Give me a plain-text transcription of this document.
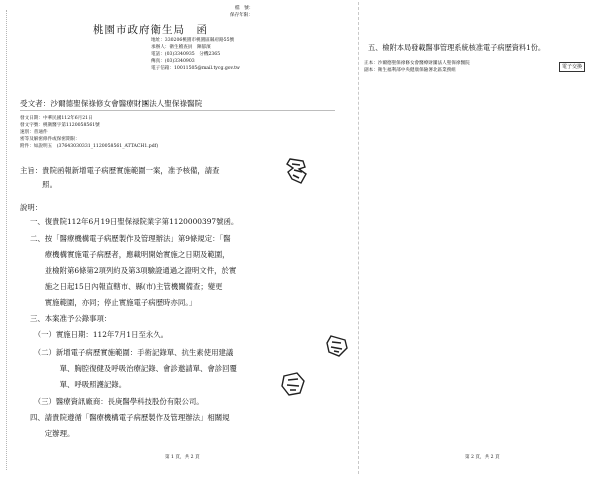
檔　號：
保存年限：
桃園市政府衛生局　函
地址：330206桃園市桃園區縣府路55號
承辦人：衛生稽查員　陳郁濱
電話：(03)3340935　分機2365
傳真：(03)3340903
電子信箱：10011505@mail.tycg.gov.tw
受文者：沙爾德聖保祿修女會醫療財團法人聖保祿醫院
發文日期：中華民國112年6月21日
發文字號：桃衛醫字第1120058561號
速別：普通件
密等及解密條件或保密期限：
附件：如說明五　(37643030331_1120058561_ATTACH1.pdf)
主旨：貴院函報新增電子病歷實施範圍一案，准予核備，請查
　　　照。
說明：
一、復貴院112年6月19日聖保禄院業字第1120000397號函。
二、按「醫療機構電子病歷製作及管理辦法」第9條規定：「醫
　　療機構實施電子病歷者，應載明開始實施之日期及範圍，
　　並檢附第6條第2項列約及第3項驗證通過之證明文件，於實
　　施之日起15日內報直轄市、縣(市)主管機關備查；變更
　　實施範圍，亦同；停止實施電子病歷時亦同。」
三、本案准予公錄事項：
　（一）實施日期：112年7月1日至永久。
　（二）新增電子病歷實施範圍：手術記錄單、抗生素使用建議
　　　　單、胸腔復健及呼吸治療記錄、會診邀請單、會診回覆
　　　　單、呼吸照護記錄。
　（三）醫療資訊廠商：長庚醫學科技股份有限公司。
四、請貴院遵循「醫療機構電子病歷製作及管理辦法」相關規
　　定辦理。
第 1 頁，共 2 頁
五、檢附本局發載醫事管理系統核准電子病歷資料1份。
正本：沙爾德聖保祿修女會醫療財團法人聖保祿醫院
副本：衛生福利部中央健康保險署北區業務組
電子交換
第 2 頁，共 2 頁
